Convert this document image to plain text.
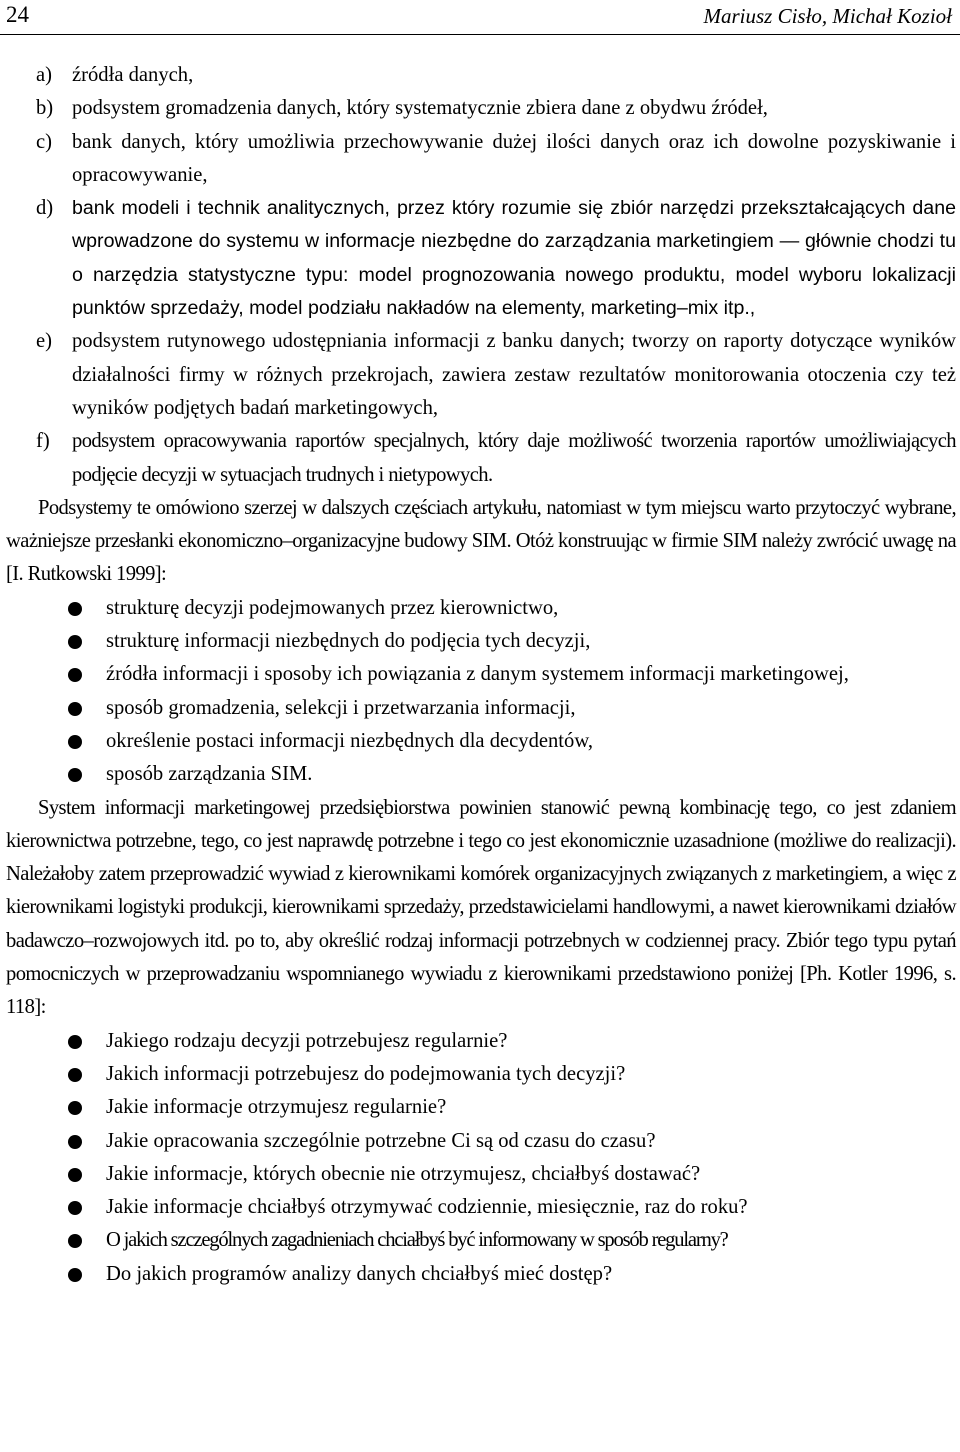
24	Mariusz Cisło, Michał Kozioł
a) źródła danych,
b) podsystem gromadzenia danych, który systematycznie zbiera dane z obydwu źródeł,
c) bank danych, który umożliwia przechowywanie dużej ilości danych oraz ich dowolne pozyskiwanie i opracowywanie,
d) bank modeli i technik analitycznych, przez który rozumie się zbiór narzędzi przekształcających dane wprowadzone do systemu w informacje niezbędne do zarządzania marketingiem — głównie chodzi tu o narzędzia statystyczne typu: model prognozowania nowego produktu, model wyboru lokalizacji punktów sprzedaży, model podziału nakładów na elementy, marketing–mix itp.,
e) podsystem rutynowego udostępniania informacji z banku danych; tworzy on raporty dotyczące wyników działalności firmy w różnych przekrojach, zawiera zestaw rezultatów monitorowania otoczenia czy też wyników podjętych badań marketingowych,
f)	podsystem opracowywania raportów specjalnych, który daje możliwość tworzenia raportów umożliwiających podjęcie decyzji w sytuacjach trudnych i nietypowych.

Podsystemy te omówiono szerzej w dalszych częściach artykułu, natomiast w tym miejscu warto przytoczyć wybrane, ważniejsze przesłanki ekonomiczno–organizacyjne budowy SIM. Otóż konstruując w firmie SIM należy zwrócić uwagę na [I. Rutkowski 1999]:

strukturę decyzji podejmowanych przez kierownictwo,
strukturę informacji niezbędnych do podjęcia tych decyzji,
źródła informacji i sposoby ich powiązania z danym systemem informacji marketingowej,
sposób gromadzenia, selekcji i przetwarzania informacji,
określenie postaci informacji niezbędnych dla decydentów,
sposób zarządzania SIM.

System informacji marketingowej przedsiębiorstwa powinien stanowić pewną kombinację tego, co jest zdaniem kierownictwa potrzebne, tego, co jest naprawdę potrzebne i tego co jest ekonomicznie uzasadnione (możliwe do realizacji). Należałoby zatem przeprowadzić wywiad z kierownikami komórek organizacyjnych związanych z marketingiem, a więc z kierownikami logistyki produkcji, kierownikami sprzedaży, przedstawicielami handlowymi, a nawet kierownikami działów badawczo–rozwojowych itd. po to, aby określić rodzaj informacji potrzebnych w codziennej pracy. Zbiór tego typu pytań pomocniczych w przeprowadzaniu wspomnianego wywiadu z kierownikami przedstawiono poniżej [Ph. Kotler 1996, s. 118]:

Jakiego rodzaju decyzji potrzebujesz regularnie?
Jakich informacji potrzebujesz do podejmowania tych decyzji?
Jakie informacje otrzymujesz regularnie?
Jakie opracowania szczególnie potrzebne Ci są od czasu do czasu?
Jakie informacje, których obecnie nie otrzymujesz, chciałbyś dostawać?
Jakie informacje chciałbyś otrzymywać codziennie, miesięcznie, raz do roku?
O jakich szczególnych zagadnieniach chciałbyś być informowany w sposób regularny?
Do jakich programów analizy danych chciałbyś mieć dostęp?
